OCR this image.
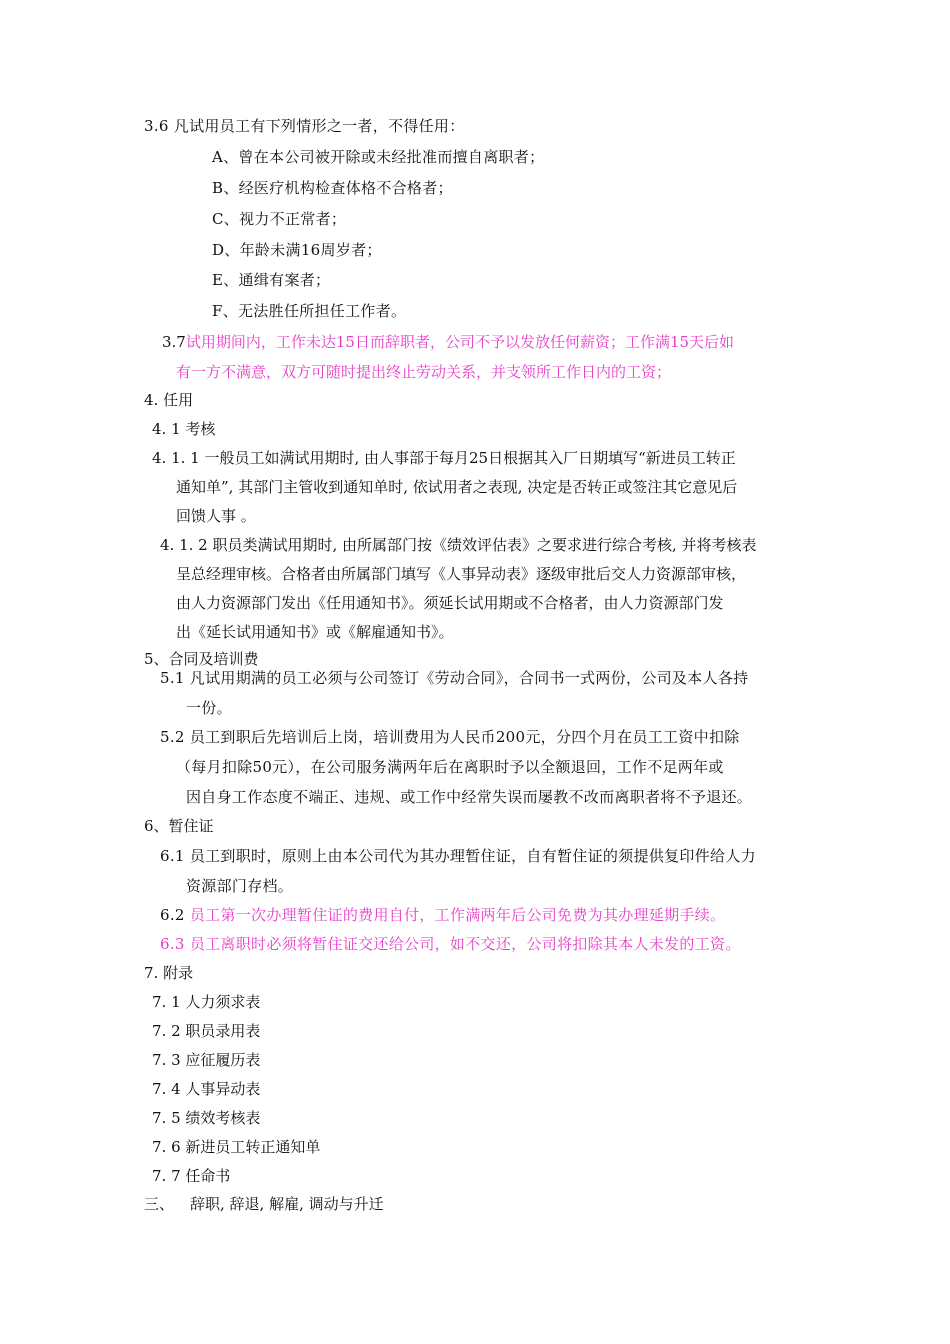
3.6 凡试用员工有下列情形之一者，不得任用：
A、曾在本公司被开除或未经批准而擅自离职者；
B、经医疗机构检查体格不合格者；
C、视力不正常者；
D、年龄未满16周岁者；
E、通缉有案者；
F、无法胜任所担任工作者。
3.7试用期间内，工作未达15日而辞职者，公司不予以发放任何薪资；工作满15天后如
有一方不满意，双方可随时提出终止劳动关系，并支领所工作日内的工资；
4. 任用
4. 1 考核
4. 1. 1 一般员工如满试用期时, 由人事部于每月25日根据其入厂日期填写“新进员工转正
通知单”, 其部门主管收到通知单时, 依试用者之表现, 决定是否转正或签注其它意见后
回馈人事 。
4. 1. 2 职员类满试用期时, 由所属部门按《绩效评估表》之要求进行综合考核, 并将考核表
呈总经理审核。合格者由所属部门填写《人事异动表》逐级审批后交人力资源部审核，
由人力资源部门发出《任用通知书》。须延长试用期或不合格者，由人力资源部门发
出《延长试用通知书》或《解雇通知书》。
5、合同及培训费
5.1 凡试用期满的员工必须与公司签订《劳动合同》，合同书一式两份，公司及本人各持
一份。
5.2 员工到职后先培训后上岗，培训费用为人民币200元，分四个月在员工工资中扣除
（每月扣除50元），在公司服务满两年后在离职时予以全额退回，工作不足两年或
因自身工作态度不端正、违规、或工作中经常失误而屡教不改而离职者将不予退还。
6、暂住证
6.1 员工到职时，原则上由本公司代为其办理暂住证，自有暂住证的须提供复印件给人力
资源部门存档。
6.2 员工第一次办理暂住证的费用自付，工作满两年后公司免费为其办理延期手续。
6.3 员工离职时必须将暂住证交还给公司，如不交还，公司将扣除其本人未发的工资。
7. 附录
7. 1 人力须求表
7. 2 职员录用表
7. 3 应征履历表
7. 4 人事异动表
7. 5 绩效考核表
7. 6 新进员工转正通知单
7. 7 任命书
三、 辞职, 辞退, 解雇, 调动与升迁
